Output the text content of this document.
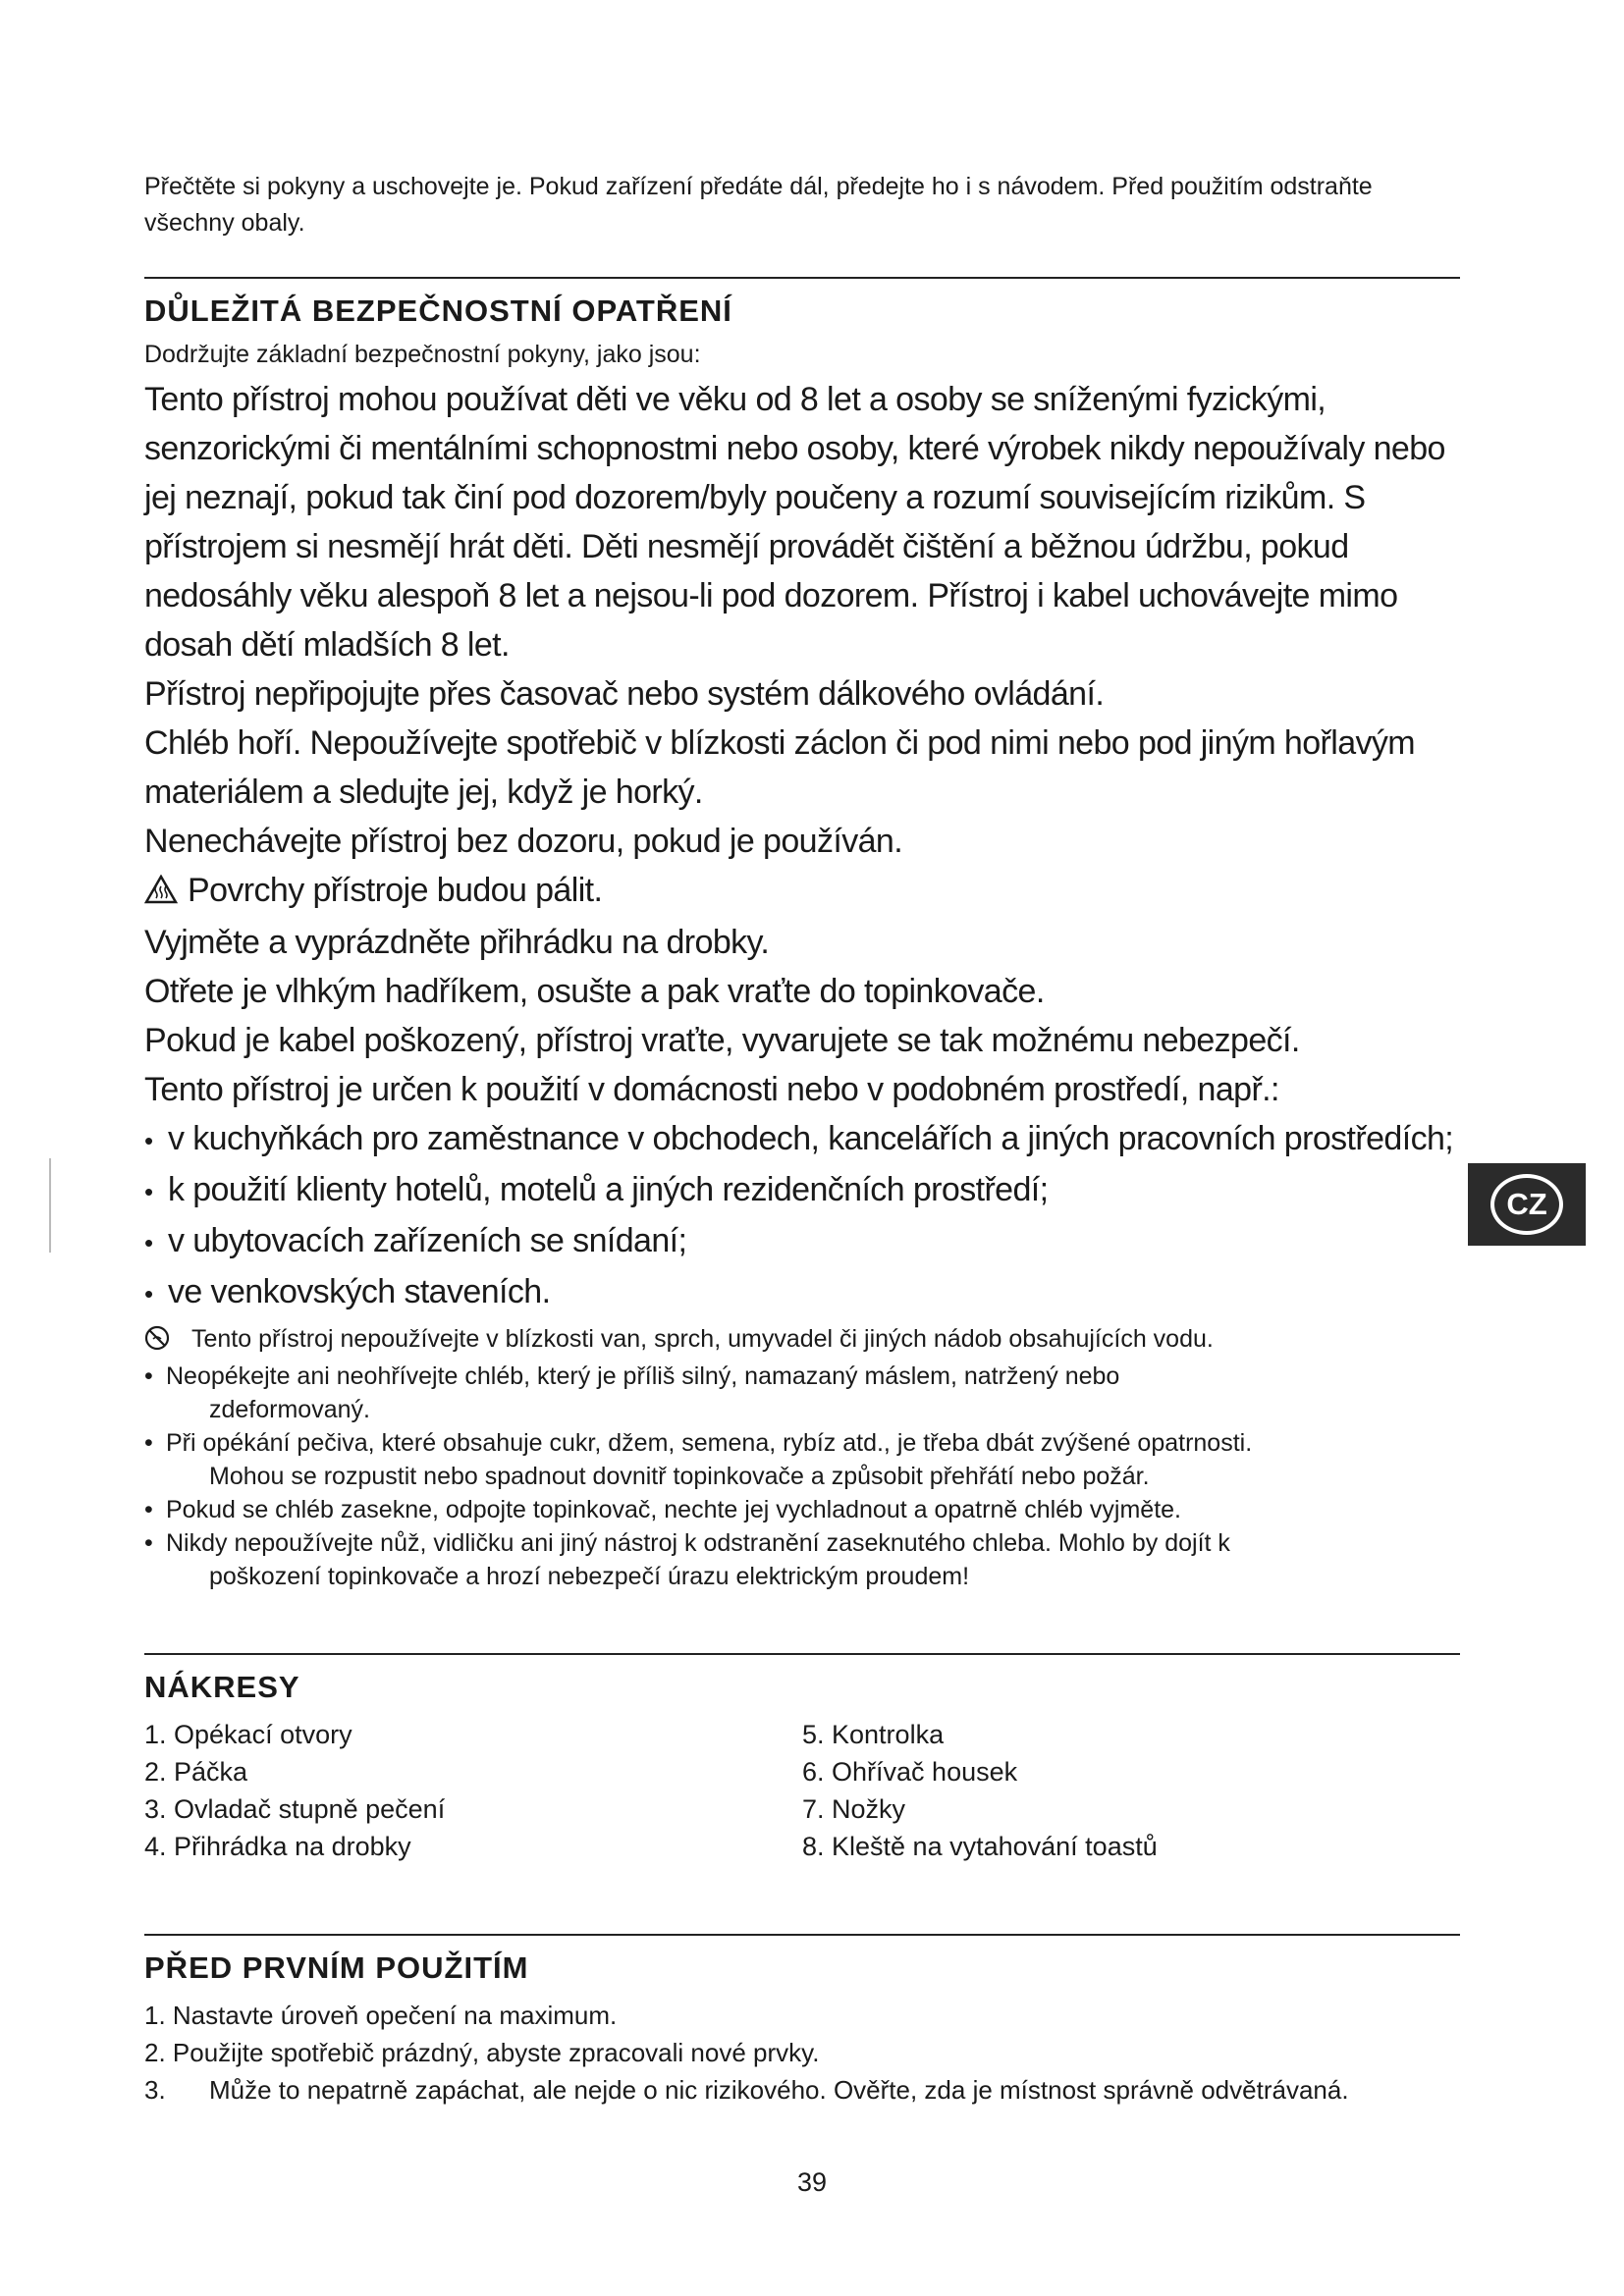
Přečtěte si pokyny a uschovejte je. Pokud zařízení předáte dál, předejte ho i s návodem. Před použitím odstraňte všechny obaly.
DŮLEŽITÁ BEZPEČNOSTNÍ OPATŘENÍ
Dodržujte základní bezpečnostní pokyny, jako jsou:

Tento přístroj mohou používat děti ve věku od 8 let a osoby se sníženými fyzickými, senzorickými či mentálními schopnostmi nebo osoby, které výrobek nikdy nepoužívaly nebo jej neznají, pokud tak činí pod dozorem/byly poučeny a rozumí souvisejícím rizikům. S přístrojem si nesmějí hrát děti. Děti nesmějí provádět čištění a běžnou údržbu, pokud nedosáhly věku alespoň 8 let a nejsou-li pod dozorem. Přístroj i kabel uchovávejte mimo dosah dětí mladších 8 let.

Přístroj nepřipojujte přes časovač nebo systém dálkového ovládání.

Chléb hoří. Nepoužívejte spotřebič v blízkosti záclon či pod nimi nebo pod jiným hořlavým materiálem a sledujte jej, když je horký.

Nenechávejte přístroj bez dozoru, pokud je používán.

Povrchy přístroje budou pálit.

Vyjměte a vyprázdněte přihrádku na drobky.

Otřete je vlhkým hadříkem, osušte a pak vraťte do topinkovače.

Pokud je kabel poškozený, přístroj vraťte, vyvarujete se tak možnému nebezpečí.

Tento přístroj je určen k použití v domácnosti nebo v podobném prostředí, např.:

• v kuchyňkách pro zaměstnance v obchodech, kancelářích a jiných pracovních prostředích;
• k použití klienty hotelů, motelů a jiných rezidenčních prostředí;
• v ubytovacích zařízeních se snídaní;
• ve venkovských staveních.

Tento přístroj nepoužívejte v blízkosti van, sprch, umyvadel či jiných nádob obsahujících vodu.

• Neopékejte ani neohřívejte chléb, který je příliš silný, namazaný máslem, natržený nebo

zdeformovaný.

• Při opékání pečiva, které obsahuje cukr, džem, semena, rybíz atd., je třeba dbát zvýšené opatrnosti.

Mohou se rozpustit nebo spadnout dovnitř topinkovače a způsobit přehřátí nebo požár.

• Pokud se chléb zasekne, odpojte topinkovač, nechte jej vychladnout a opatrně chléb vyjměte.
• Nikdy nepoužívejte nůž, vidličku ani jiný nástroj k odstranění zaseknutého chleba. Mohlo by dojít k

poškození topinkovače a hrozí nebezpečí úrazu elektrickým proudem!

NÁKRESY
1. Opékací otvory
2. Páčka
3. Ovladač stupně pečení
4. Přihrádka na drobky
5. Kontrolka
6. Ohřívač housek
7. Nožky
8. Kleště na vytahování toastů
PŘED PRVNÍM POUŽITÍM

1. Nastavte úroveň opečení na maximum.

2. Použijte spotřebič prázdný, abyste zpracovali nové prvky.

3. Může to nepatrně zapáchat, ale nejde o nic rizikového. Ověřte, zda je místnost správně odvětrávaná.

39
CZ
